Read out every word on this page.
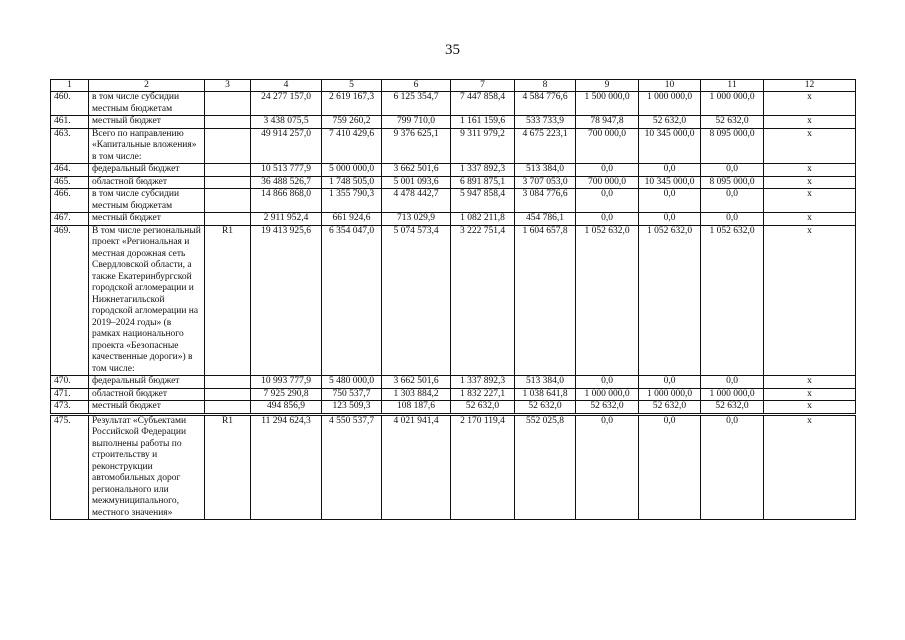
35
1	2	3	4	5	6	7	8	9	10	11	12
460.	в том числе субсидии местным бюджетам		24 277 157,0	2 619 167,3	6 125 354,7	7 447 858,4	4 584 776,6	1 500 000,0	1 000 000,0	1 000 000,0	x
461.	местный бюджет		3 438 075,5	759 260,2	799 710,0	1 161 159,6	533 733,9	78 947,8	52 632,0	52 632,0	x
463.	Всего по направлению «Капитальные вложения» в том числе:		49 914 257,0	7 410 429,6	9 376 625,1	9 311 979,2	4 675 223,1	700 000,0	10 345 000,0	8 095 000,0	x
464.	федеральный бюджет		10 513 777,9	5 000 000,0	3 662 501,6	1 337 892,3	513 384,0	0,0	0,0	0,0	x
465.	областной бюджет		36 488 526,7	1 748 505,0	5 001 093,6	6 891 875,1	3 707 053,0	700 000,0	10 345 000,0	8 095 000,0	x
466.	в том числе субсидии местным бюджетам		14 866 868,0	1 355 790,3	4 478 442,7	5 947 858,4	3 084 776,6	0,0	0,0	0,0	x
467.	местный бюджет		2 911 952,4	661 924,6	713 029,9	1 082 211,8	454 786,1	0,0	0,0	0,0	x
469.	В том числе региональный проект «Региональная и местная дорожная сеть Свердловской области, а также Екатеринбургской городской агломерации и Нижнетагильской городской агломерации на 2019–2024 годы» (в рамках национального проекта «Безопасные качественные дороги») в том числе:	R1	19 413 925,6	6 354 047,0	5 074 573,4	3 222 751,4	1 604 657,8	1 052 632,0	1 052 632,0	1 052 632,0	x
470.	федеральный бюджет		10 993 777,9	5 480 000,0	3 662 501,6	1 337 892,3	513 384,0	0,0	0,0	0,0	x
471.	областной бюджет		7 925 290,8	750 537,7	1 303 884,2	1 832 227,1	1 038 641,8	1 000 000,0	1 000 000,0	1 000 000,0	x
473.	местный бюджет		494 856,9	123 509,3	108 187,6	52 632,0	52 632,0	52 632,0	52 632,0	52 632,0	x
475.	Результат «Субъектами Российской Федерации выполнены работы по строительству и реконструкции автомобильных дорог регионального или межмуниципального, местного значения»	R1	11 294 624,3	4 550 537,7	4 021 941,4	2 170 119,4	552 025,8	0,0	0,0	0,0	x
